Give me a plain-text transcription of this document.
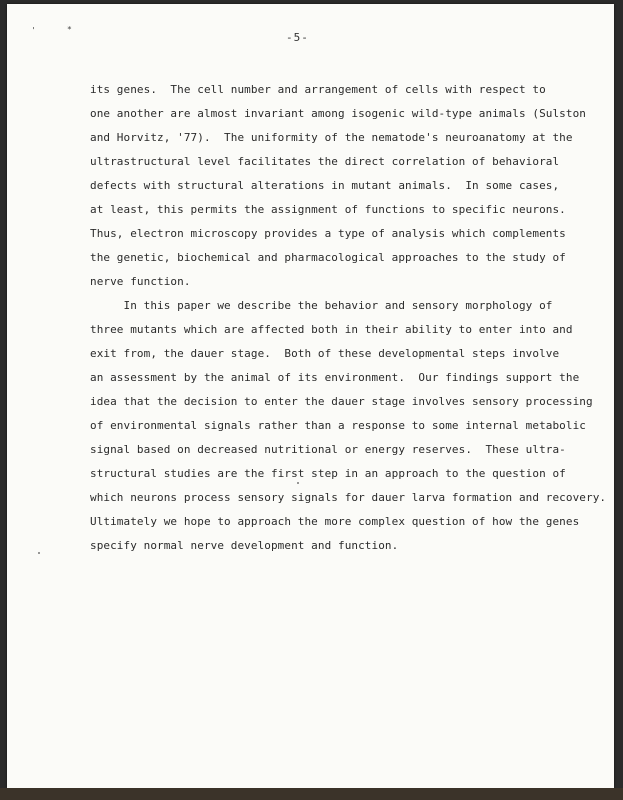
'	*
-5-
its genes.  The cell number and arrangement of cells with respect to
one another are almost invariant among isogenic wild-type animals (Sulston
and Horvitz, '77).  The uniformity of the nematode's neuroanatomy at the
ultrastructural level facilitates the direct correlation of behavioral
defects with structural alterations in mutant animals.  In some cases,
at least, this permits the assignment of functions to specific neurons.
Thus, electron microscopy provides a type of analysis which complements
the genetic, biochemical and pharmacological approaches to the study of
nerve function.
In this paper we describe the behavior and sensory morphology of
three mutants which are affected both in their ability to enter into and
exit from, the dauer stage.  Both of these developmental steps involve
an assessment by the animal of its environment.  Our findings support the
idea that the decision to enter the dauer stage involves sensory processing
of environmental signals rather than a response to some internal metabolic
signal based on decreased nutritional or energy reserves.  These ultra-
structural studies are the first step in an approach to the question of
which neurons process sensory signals for dauer larva formation and recovery.
Ultimately we hope to approach the more complex question of how the genes
specify normal nerve development and function.
